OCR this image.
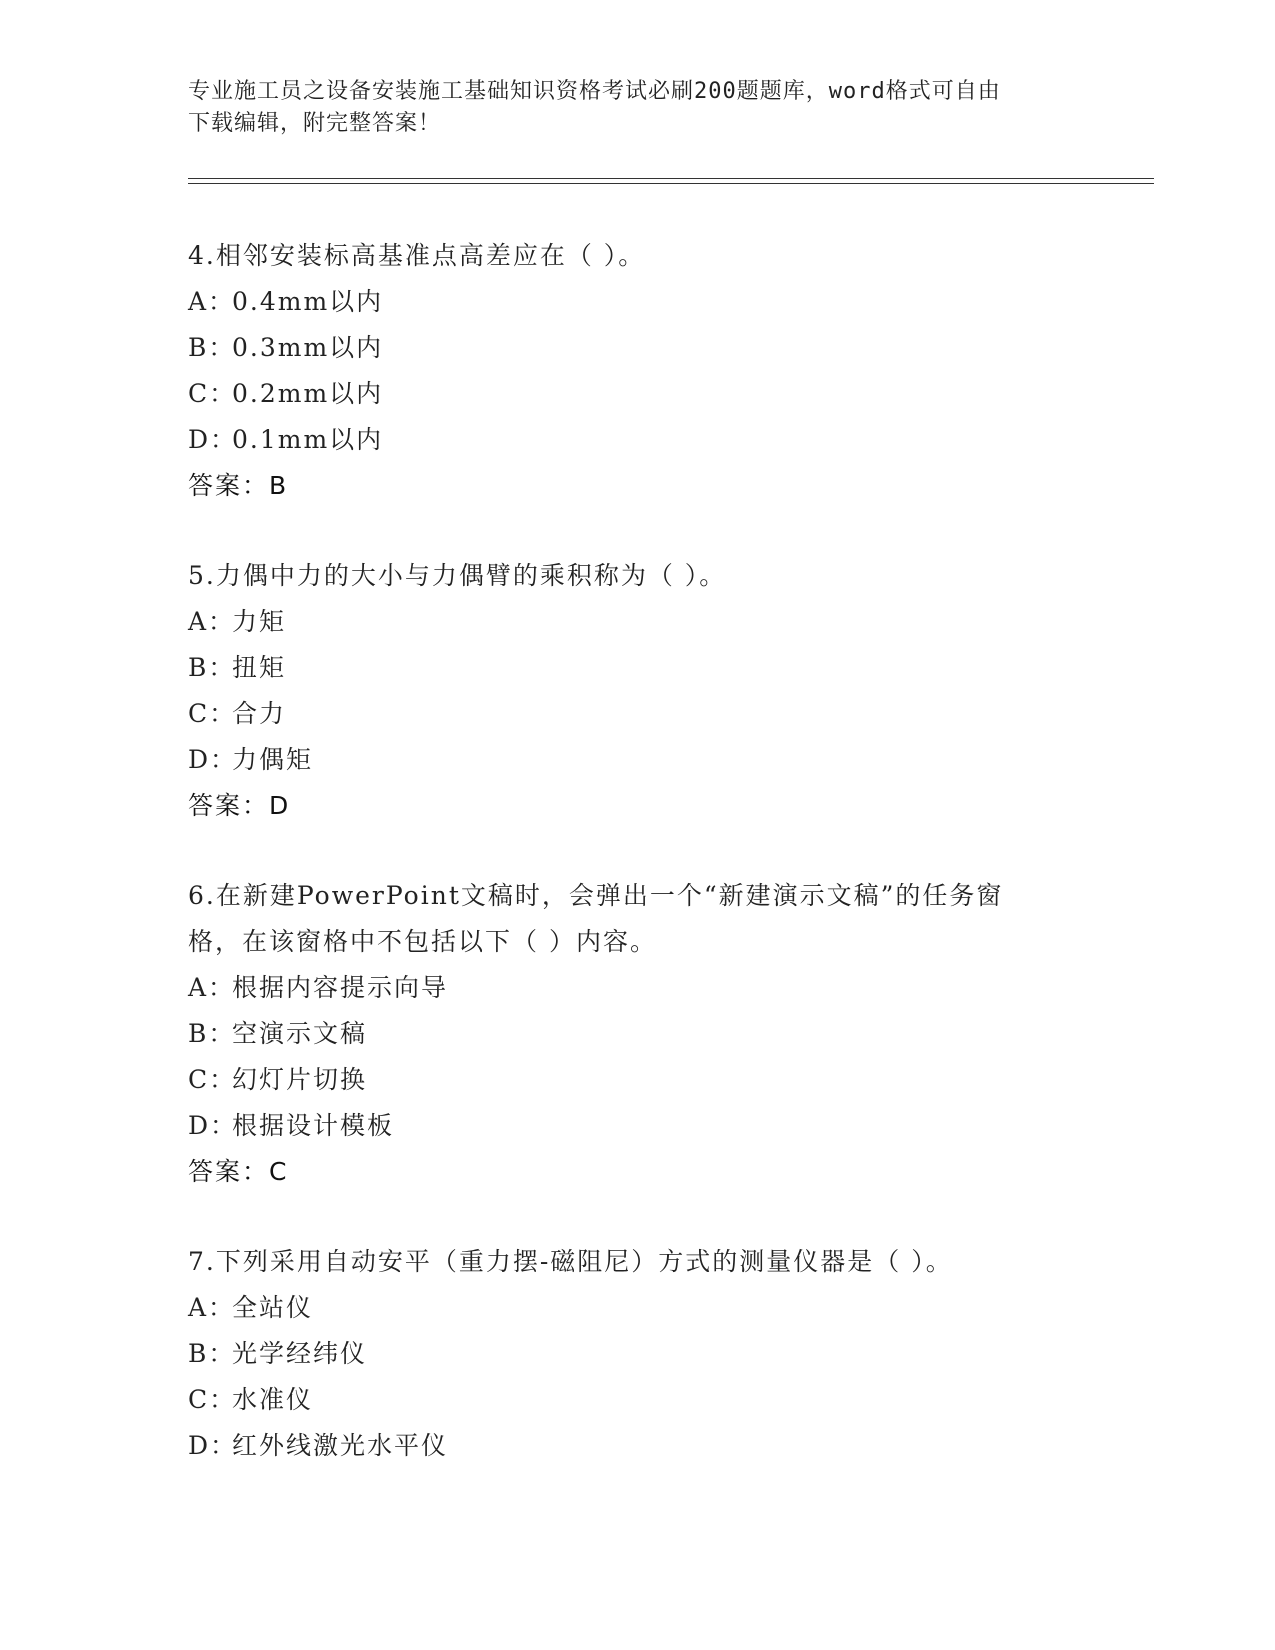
专业施工员之设备安装施工基础知识资格考试必刷200题题库，word格式可自由
下载编辑，附完整答案！

4.相邻安装标高基准点高差应在（ ）。

A：0.4mm以内

B：0.3mm以内

C：0.2mm以内

D：0.1mm以内

答案：B

5.力偶中力的大小与力偶臂的乘积称为（ ）。

A：力矩

B：扭矩

C：合力

D：力偶矩

答案：D

6.在新建PowerPoint文稿时，会弹出一个“新建演示文稿”的任务窗

格，在该窗格中不包括以下（ ）内容。

A：根据内容提示向导

B：空演示文稿

C：幻灯片切换

D：根据设计模板

答案：C

7.下列采用自动安平（重力摆-磁阻尼）方式的测量仪器是（ ）。

A：全站仪

B：光学经纬仪

C：水准仪

D：红外线激光水平仪
